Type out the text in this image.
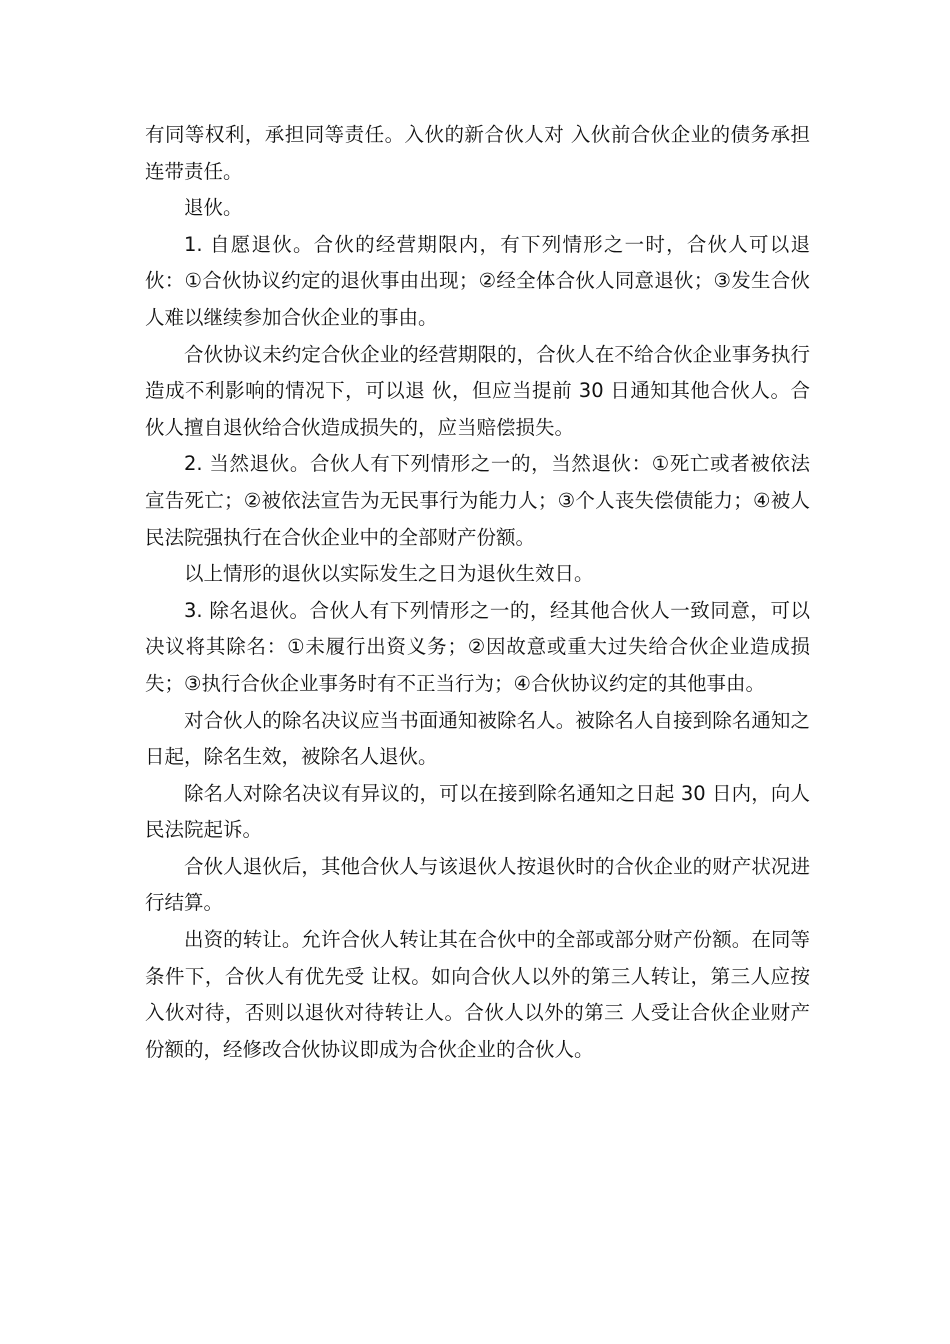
有同等权利，承担同等责任。入伙的新合伙人对 入伙前合伙企业的债务承担连带责任。

退伙。

1. 自愿退伙。合伙的经营期限内，有下列情形之一时，合伙人可以退伙：①合伙协议约定的退伙事由出现；②经全体合伙人同意退伙；③发生合伙人难以继续参加合伙企业的事由。

合伙协议未约定合伙企业的经营期限的，合伙人在不给合伙企业事务执行造成不利影响的情况下，可以退 伙，但应当提前 30 日通知其他合伙人。合伙人擅自退伙给合伙造成损失的，应当赔偿损失。

2. 当然退伙。合伙人有下列情形之一的，当然退伙：①死亡或者被依法宣告死亡；②被依法宣告为无民事行为能力人；③个人丧失偿债能力；④被人民法院强执行在合伙企业中的全部财产份额。

以上情形的退伙以实际发生之日为退伙生效日。

3. 除名退伙。合伙人有下列情形之一的，经其他合伙人一致同意，可以决议将其除名：①未履行出资义务；②因故意或重大过失给合伙企业造成损失；③执行合伙企业事务时有不正当行为；④合伙协议约定的其他事由。

对合伙人的除名决议应当书面通知被除名人。被除名人自接到除名通知之日起，除名生效，被除名人退伙。

除名人对除名决议有异议的，可以在接到除名通知之日起 30 日内，向人民法院起诉。

合伙人退伙后，其他合伙人与该退伙人按退伙时的合伙企业的财产状况进行结算。

出资的转让。允许合伙人转让其在合伙中的全部或部分财产份额。在同等条件下，合伙人有优先受 让权。如向合伙人以外的第三人转让，第三人应按入伙对待，否则以退伙对待转让人。合伙人以外的第三 人受让合伙企业财产份额的，经修改合伙协议即成为合伙企业的合伙人。
